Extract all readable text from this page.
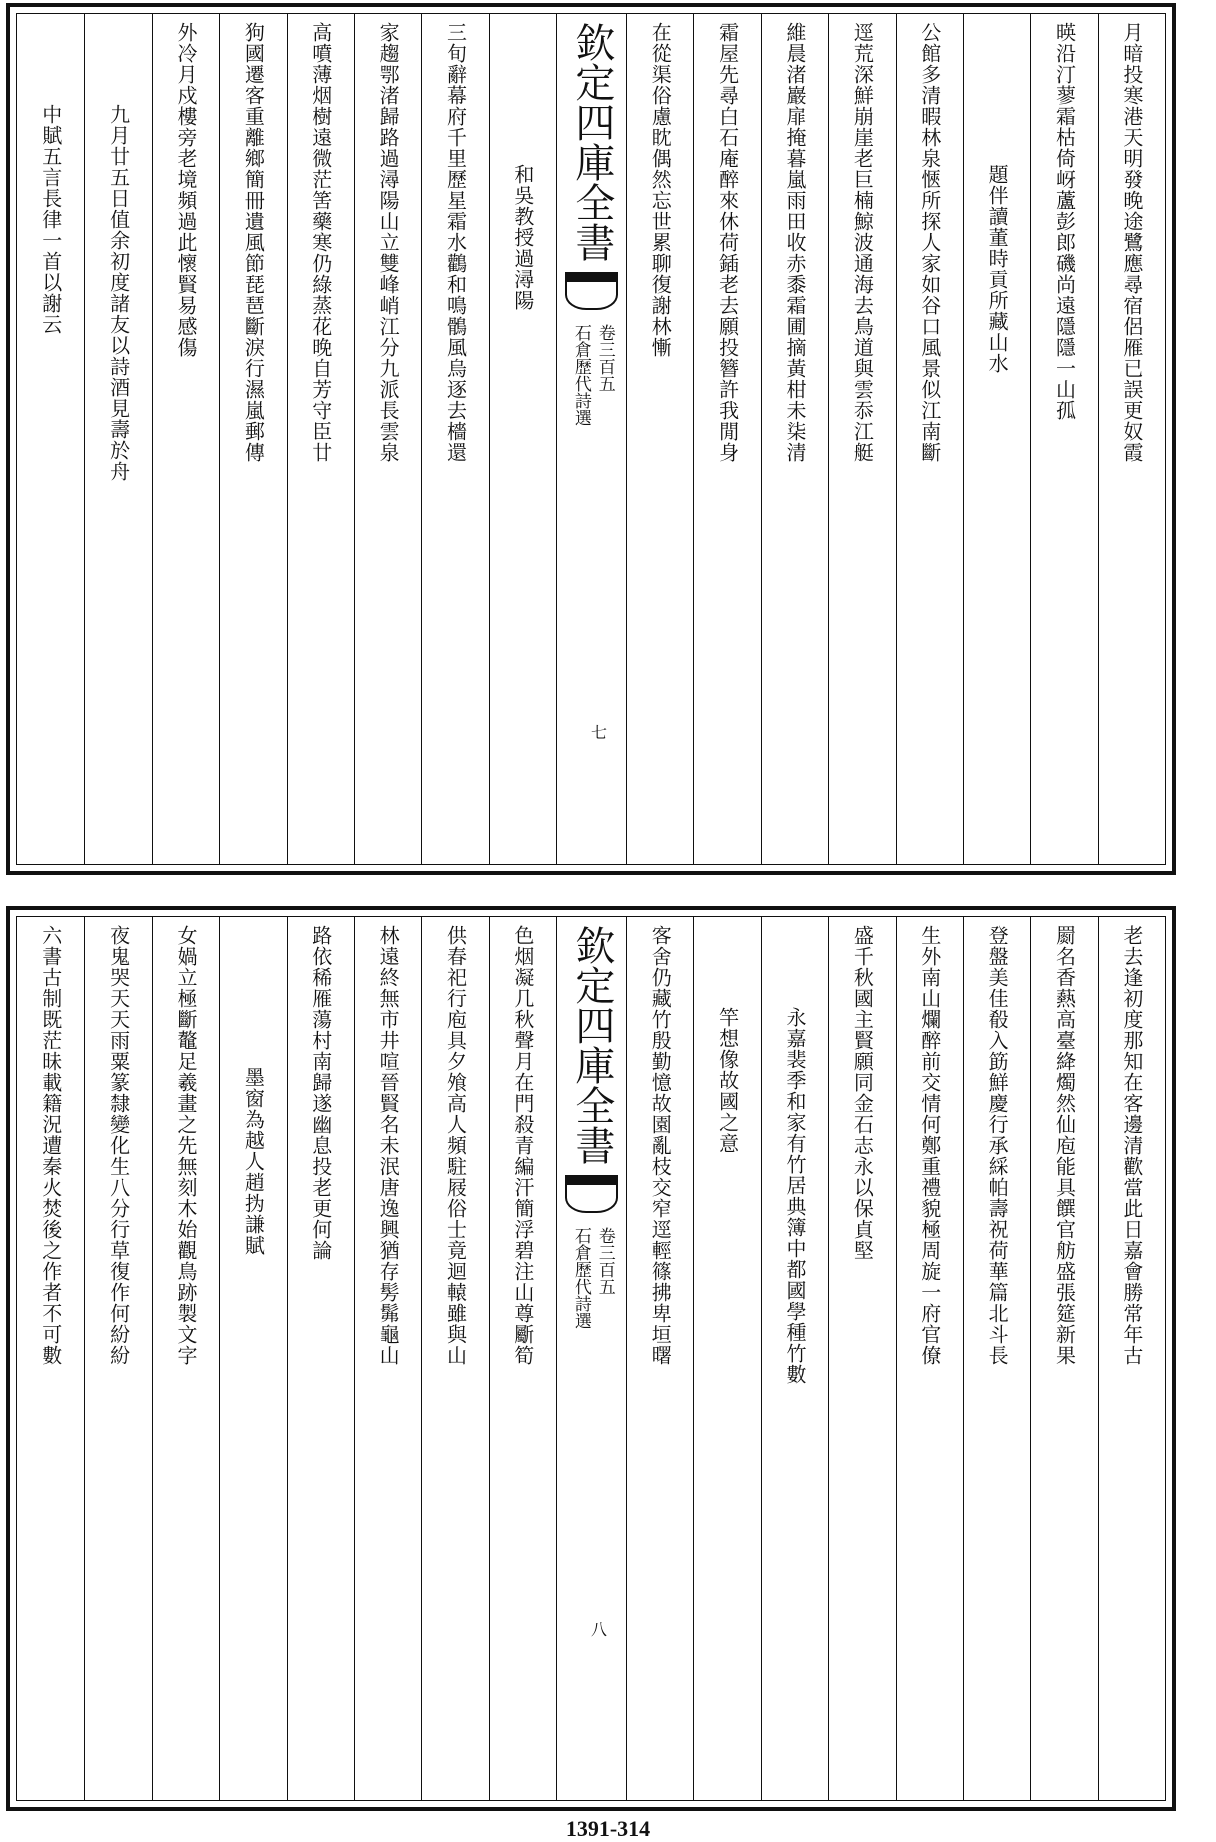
月暗投寒港天明發晚途鷺應尋宿侶雁已誤更奴霞
暎沿汀蓼霜枯倚岈蘆彭郎磯尚遠隱隱一山孤
題伴讀董時貢所藏山水
公館多清暇林泉愜所探人家如谷口風景似江南斷
逕荒深鮮崩崖老巨楠鯨波通海去鳥道與雲忝江艇
維晨渚巖扉掩暮嵐雨田收赤黍霜圃摘黃柑未柒清
霜屋先尋白石庵醉來休荷鍤老去願投簪許我閒身
在從渠俗慮眈偶然忘世累聊復謝林慚
欽定四庫全書
石倉歷代詩選 卷三百五
七
和吳教授過潯陽
三旬辭幕府千里歷星霜水鸛和鳴鶻風烏逐去檣還
家趨鄂渚歸路過潯陽山立雙峰峭江分九派長雲泉
高噴薄烟樹遠微茫筈藥寒仍綠蒸花晚自芳守臣廿
狗國遷客重離鄉簡冊遺風節琵琶斷淚行濕嵐郵傳
外冷月戍樓旁老境頻過此懷賢易感傷
九月廿五日值余初度諸友以詩酒見壽於舟
中賦五言長律一首以謝云
老去逢初度那知在客邊清歡當此日嘉會勝常年古
罽名香爇高臺絳燭然仙庖能具饌官舫盛張筵新果
登盤美佳殽入筯鮮慶行承綵帕壽祝荷華篇北斗長
生外南山爛醉前交情何鄭重禮貌極周旋一府官僚
盛千秋國主賢願同金石志永以保貞堅
永嘉裴季和家有竹居典簿中都國學種竹數
竿想像故國之意
客舍仍藏竹殷勤憶故園亂枝交窄逕輕篠拂卑垣曙
欽定四庫全書
石倉歷代詩選 卷三百五
八
色烟凝几秋聲月在門殺青編汗簡浮碧注山尊斸筍
供春祀行庖具夕飧高人頻駐屐俗士竟迴轅雖與山
林遠終無市井喧晉賢名未泯唐逸興猶存髣髴龜山
路依稀雁蕩村南歸遂幽息投老更何論
墨窗為越人趙㧑謙賦
女媧立極斷鼇足羲畫之先無刻木始觀鳥跡製文字
夜鬼哭天天雨粟篆隸變化生八分行草復作何紛紛
六書古制既茫昧載籍況遭秦火焚後之作者不可數
1391-314
